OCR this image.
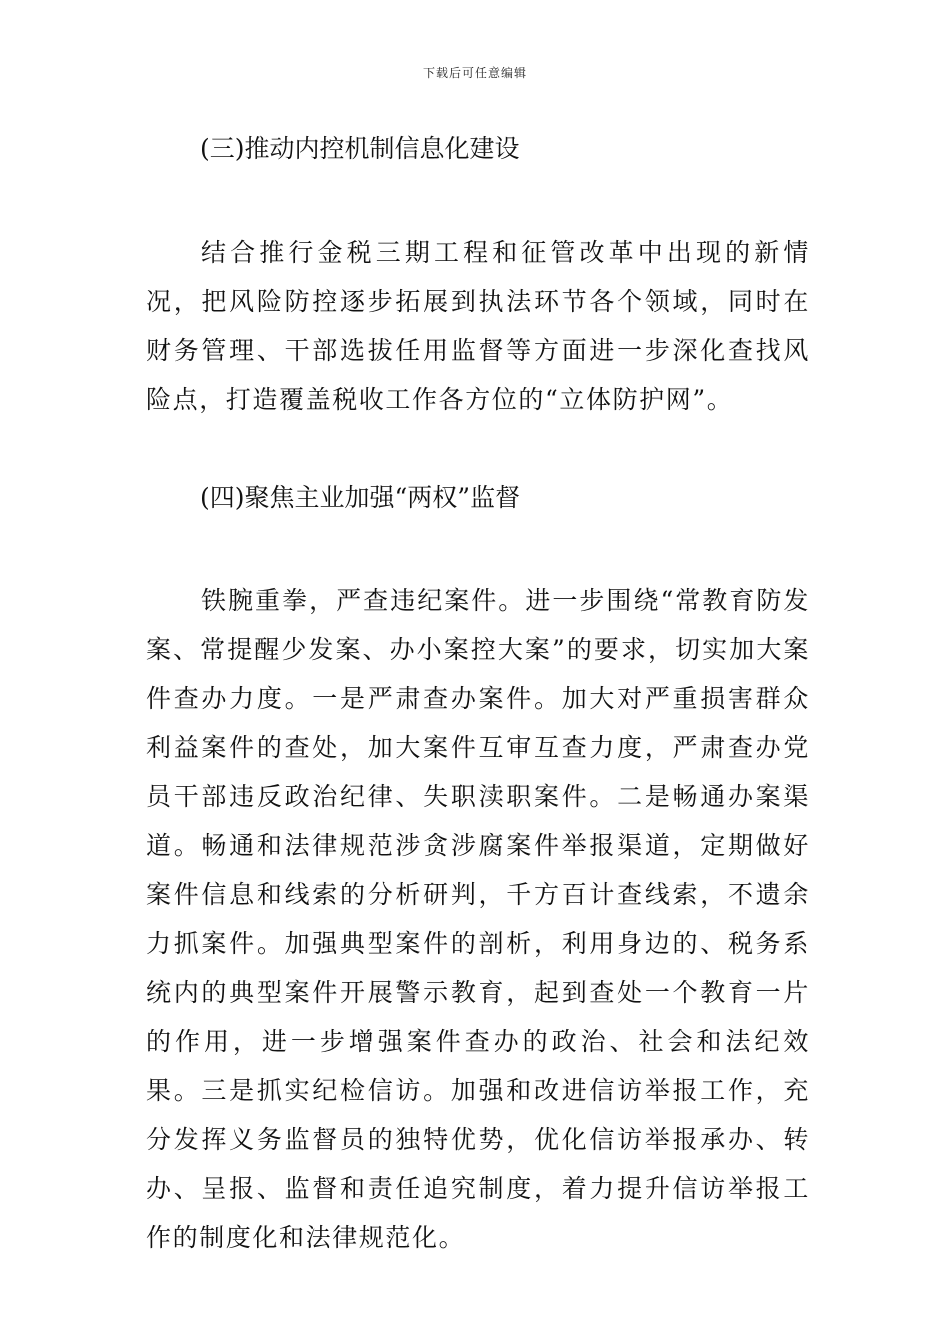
下载后可任意编辑
(三)推动内控机制信息化建设
结合推行金税三期工程和征管改革中出现的新情况，把风险防控逐步拓展到执法环节各个领域，同时在财务管理、干部选拔任用监督等方面进一步深化查找风险点，打造覆盖税收工作各方位的“立体防护网”。
(四)聚焦主业加强“两权”监督
铁腕重拳，严查违纪案件。进一步围绕“常教育防发案、常提醒少发案、办小案控大案”的要求，切实加大案件查办力度。一是严肃查办案件。加大对严重损害群众利益案件的查处，加大案件互审互查力度，严肃查办党员干部违反政治纪律、失职渎职案件。二是畅通办案渠道。畅通和法律规范涉贪涉腐案件举报渠道，定期做好案件信息和线索的分析研判，千方百计查线索，不遗余力抓案件。加强典型案件的剖析，利用身边的、税务系统内的典型案件开展警示教育，起到查处一个教育一片的作用，进一步增强案件查办的政治、社会和法纪效果。三是抓实纪检信访。加强和改进信访举报工作，充分发挥义务监督员的独特优势，优化信访举报承办、转办、呈报、监督和责任追究制度，着力提升信访举报工作的制度化和法律规范化。
